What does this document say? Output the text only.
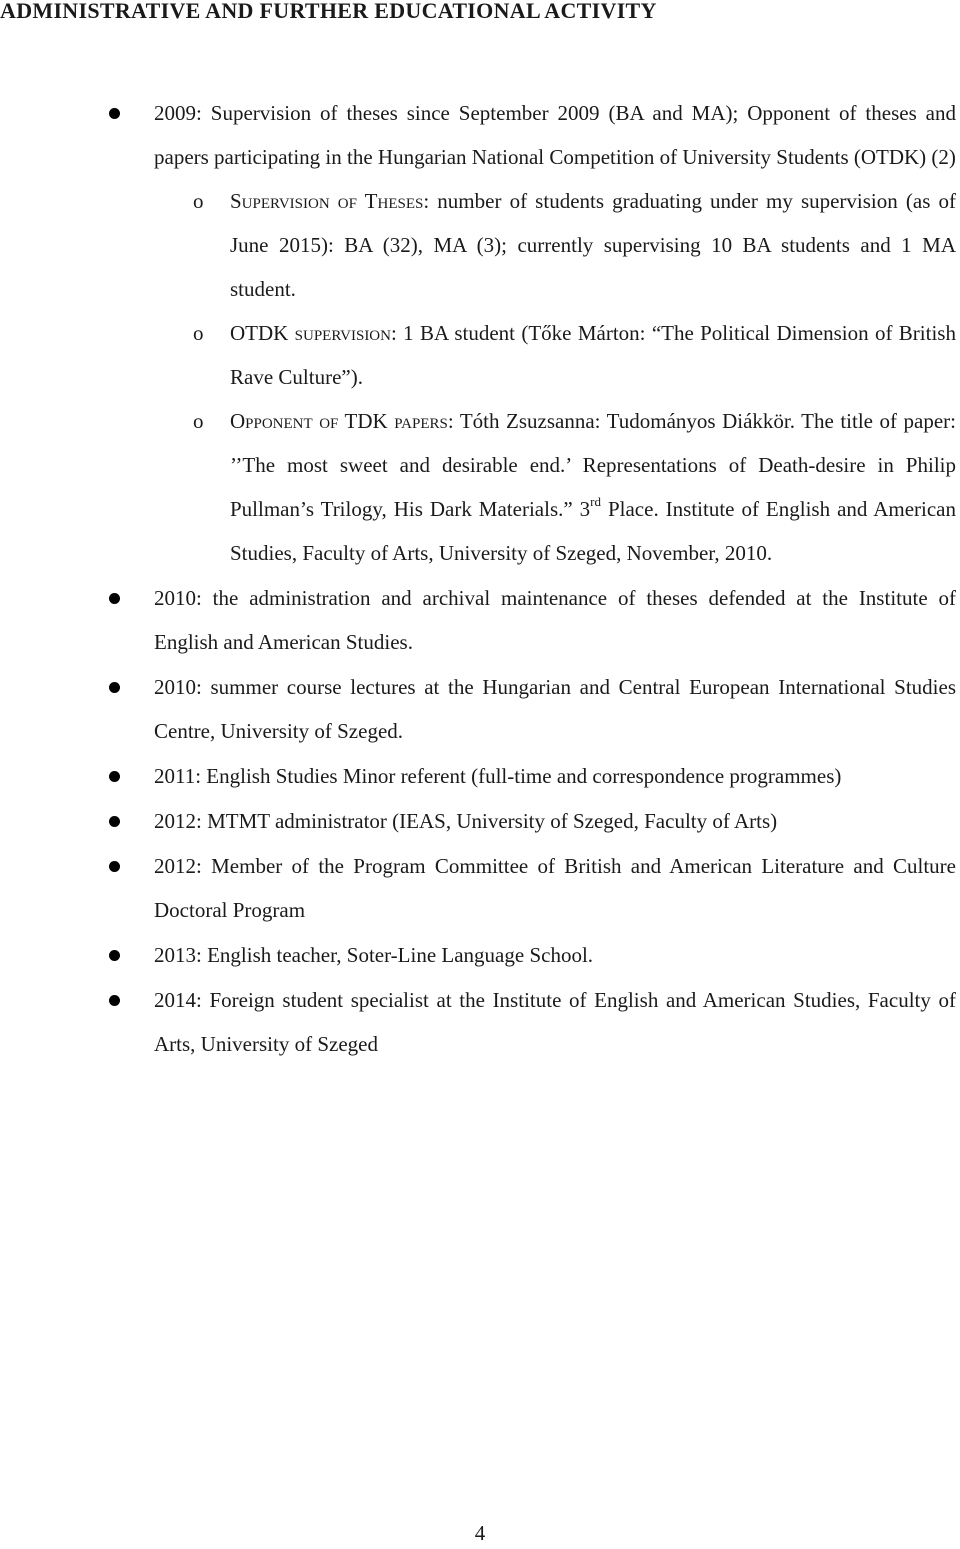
ADMINISTRATIVE AND FURTHER EDUCATIONAL ACTIVITY
2009: Supervision of theses since September 2009 (BA and MA); Opponent of theses and papers participating in the Hungarian National Competition of University Students (OTDK) (2)
o Supervision of Theses: number of students graduating under my supervision (as of June 2015): BA (32), MA (3); currently supervising 10 BA students and 1 MA student.
o OTDK supervision: 1 BA student (Tőke Márton: “The Political Dimension of British Rave Culture”).
o Opponent of TDK papers: Tóth Zsuzsanna: Tudományos Diákkör. The title of paper: ’’The most sweet and desirable end.’ Representations of Death-desire in Philip Pullman’s Trilogy, His Dark Materials.” 3rd Place. Institute of English and American Studies, Faculty of Arts, University of Szeged, November, 2010.
2010: the administration and archival maintenance of theses defended at the Institute of English and American Studies.
2010: summer course lectures at the Hungarian and Central European International Studies Centre, University of Szeged.
2011: English Studies Minor referent (full-time and correspondence programmes)
2012: MTMT administrator (IEAS, University of Szeged, Faculty of Arts)
2012: Member of the Program Committee of British and American Literature and Culture Doctoral Program
2013: English teacher, Soter-Line Language School.
2014: Foreign student specialist at the Institute of English and American Studies, Faculty of Arts, University of Szeged
4
